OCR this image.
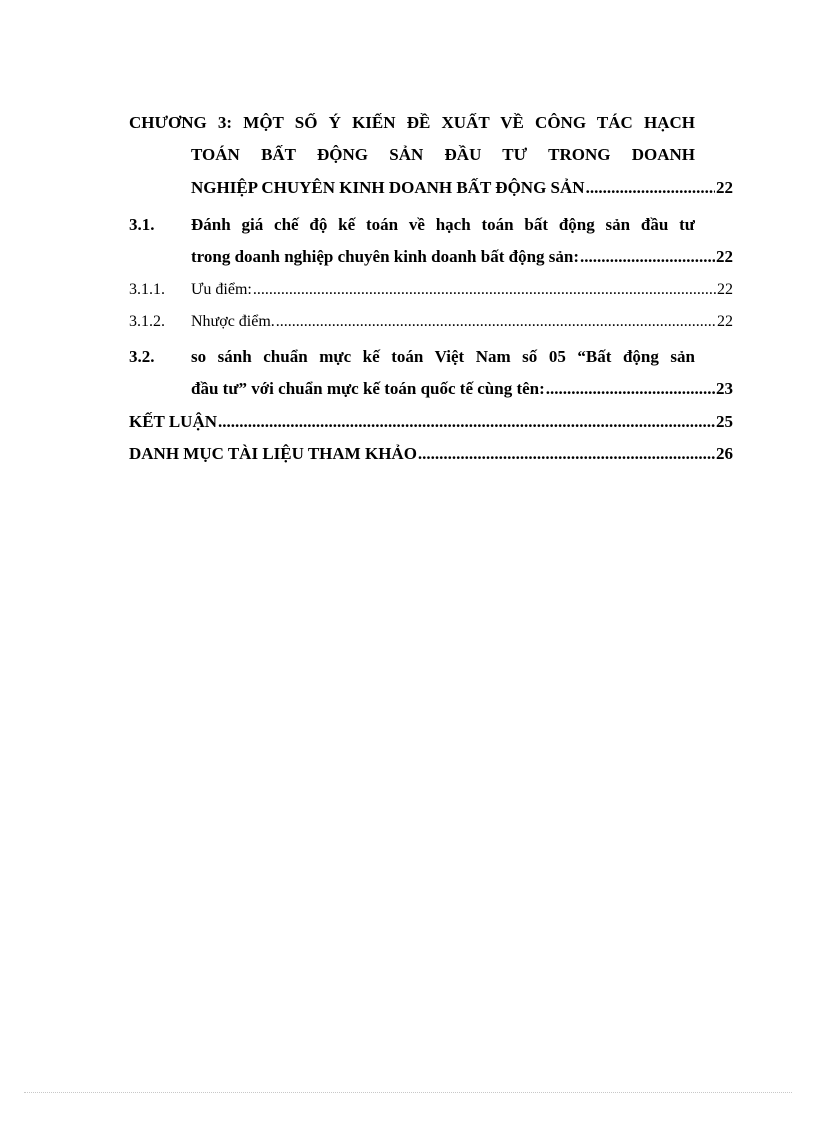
CHƯƠNG 3: MỘT SỐ Ý KIẾN ĐỀ XUẤT VỀ CÔNG TÁC HẠCH
TOÁN BẤT ĐỘNG SẢN ĐẦU TƯ TRONG DOANH
NGHIỆP CHUYÊN KINH DOANH BẤT ĐỘNG SẢN .....	22
3.1.	Đánh giá chế độ kế toán về hạch toán bất động sản đầu tư
trong doanh nghiệp chuyên kinh doanh bất động sản: .....	22
3.1.1.	Ưu điểm: .....	22
3.1.2.	Nhược điểm. .....	22
3.2.	so sánh chuẩn mực kế toán Việt Nam số 05 “Bất động sản
đầu tư” với chuẩn mực kế toán quốc tế cùng tên: .....	23
KẾT LUẬN .....	25
DANH MỤC TÀI LIỆU THAM KHẢO .....	26
